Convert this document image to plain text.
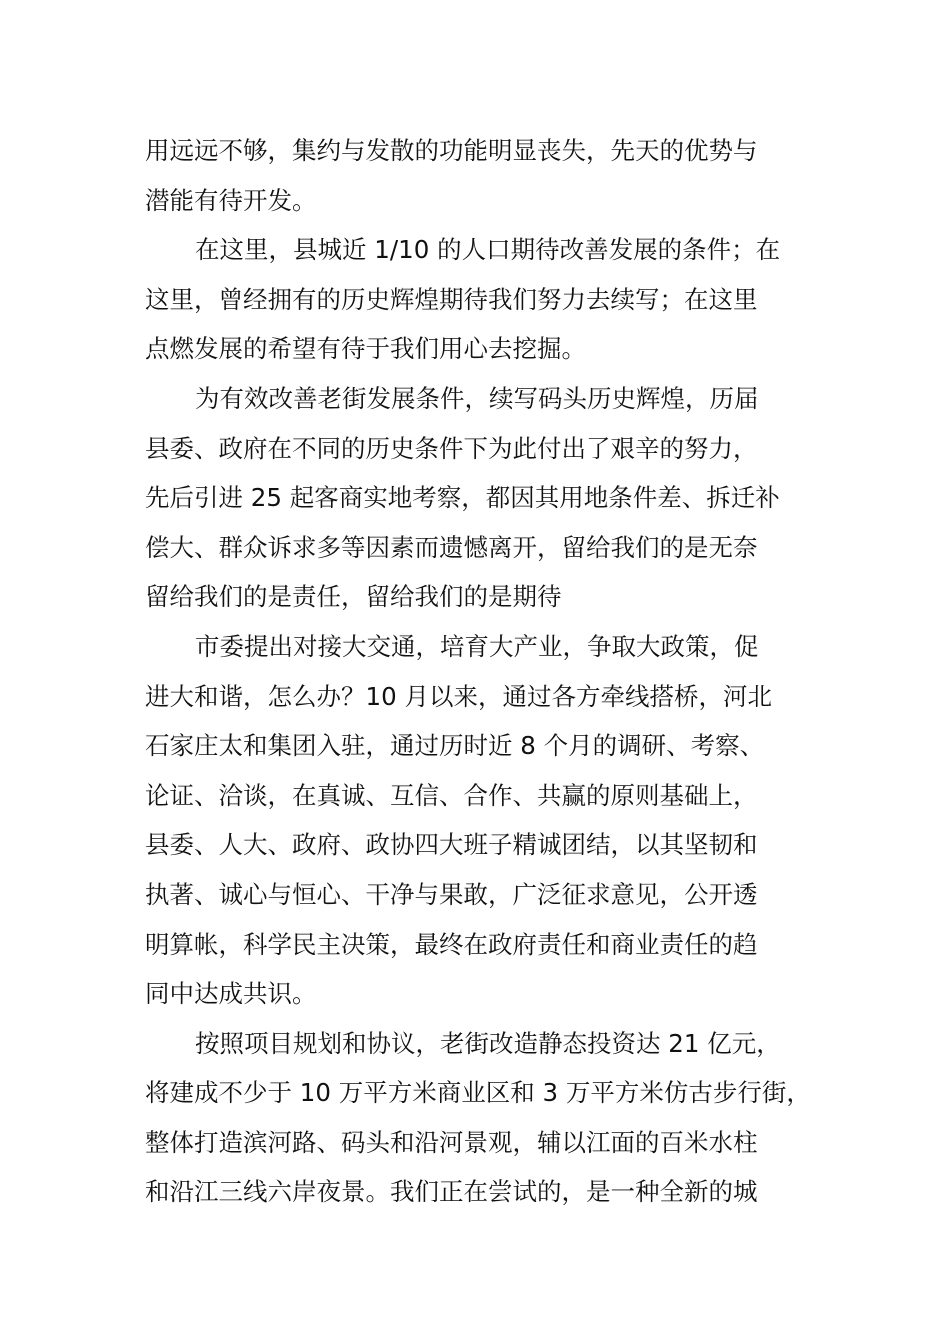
用远远不够，集约与发散的功能明显丧失，先天的优势与
潜能有待开发。

在这里，县城近 1/10 的人口期待改善发展的条件；在
这里，曾经拥有的历史辉煌期待我们努力去续写；在这里
点燃发展的希望有待于我们用心去挖掘。

为有效改善老街发展条件，续写码头历史辉煌，历届
县委、政府在不同的历史条件下为此付出了艰辛的努力，
先后引进 25 起客商实地考察，都因其用地条件差、拆迁补
偿大、群众诉求多等因素而遗憾离开，留给我们的是无奈
留给我们的是责任，留给我们的是期待

市委提出对接大交通，培育大产业，争取大政策，促
进大和谐，怎么办？10 月以来，通过各方牵线搭桥，河北
石家庄太和集团入驻，通过历时近 8 个月的调研、考察、
论证、洽谈，在真诚、互信、合作、共赢的原则基础上，
县委、人大、政府、政协四大班子精诚团结，以其坚韧和
执著、诚心与恒心、干净与果敢，广泛征求意见，公开透
明算帐，科学民主决策，最终在政府责任和商业责任的趋
同中达成共识。

按照项目规划和协议，老街改造静态投资达 21 亿元，
将建成不少于 10 万平方米商业区和 3 万平方米仿古步行街，
整体打造滨河路、码头和沿河景观，辅以江面的百米水柱
和沿江三线六岸夜景。我们正在尝试的，是一种全新的城
